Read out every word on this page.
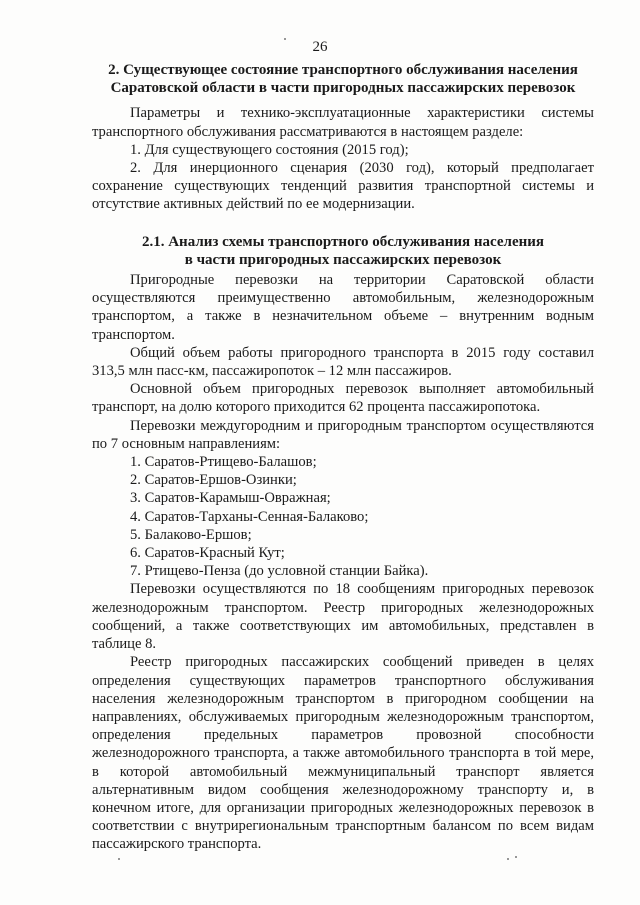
26
2. Существующее состояние транспортного обслуживания населения
Саратовской области в части пригородных пассажирских перевозок

Параметры и технико-эксплуатационные характеристики системы транспортного обслуживания рассматриваются в настоящем разделе:

1. Для существующего состояния (2015 год);
2. Для инерционного сценария (2030 год), который предполагает сохранение существующих тенденций развития транспортной системы и отсутствие активных действий по ее модернизации.
2.1. Анализ схемы транспортного обслуживания населения
в части пригородных пассажирских перевозок

Пригородные перевозки на территории Саратовской области осуществляются преимущественно автомобильным, железнодорожным транспортом, а также в незначительном объеме – внутренним водным транспортом.

Общий объем работы пригородного транспорта в 2015 году составил 313,5 млн пасс-км, пассажиропоток – 12 млн пассажиров.

Основной объем пригородных перевозок выполняет автомобильный транспорт, на долю которого приходится 62 процента пассажиропотока.

Перевозки междугородним и пригородным транспортом осуществляются по 7 основным направлениям:

1. Саратов-Ртищево-Балашов;
2. Саратов-Ершов-Озинки;
3. Саратов-Карамыш-Овражная;
4. Саратов-Тарханы-Сенная-Балаково;
5. Балаково-Ершов;
6. Саратов-Красный Кут;
7. Ртищево-Пенза (до условной станции Байка).

Перевозки осуществляются по 18 сообщениям пригородных перевозок железнодорожным транспортом. Реестр пригородных железнодорожных сообщений, а также соответствующих им автомобильных, представлен в таблице 8.

Реестр пригородных пассажирских сообщений приведен в целях определения существующих параметров транспортного обслуживания населения железнодорожным транспортом в пригородном сообщении на направлениях, обслуживаемых пригородным железнодорожным транспортом, определения предельных параметров провозной способности железнодорожного транспорта, а также автомобильного транспорта в той мере, в которой автомобильный межмуниципальный транспорт является альтернативным видом сообщения железнодорожному транспорту и, в конечном итоге, для организации пригородных железнодорожных перевозок в соответствии с внутрирегиональным транспортным балансом по всем видам пассажирского транспорта.
